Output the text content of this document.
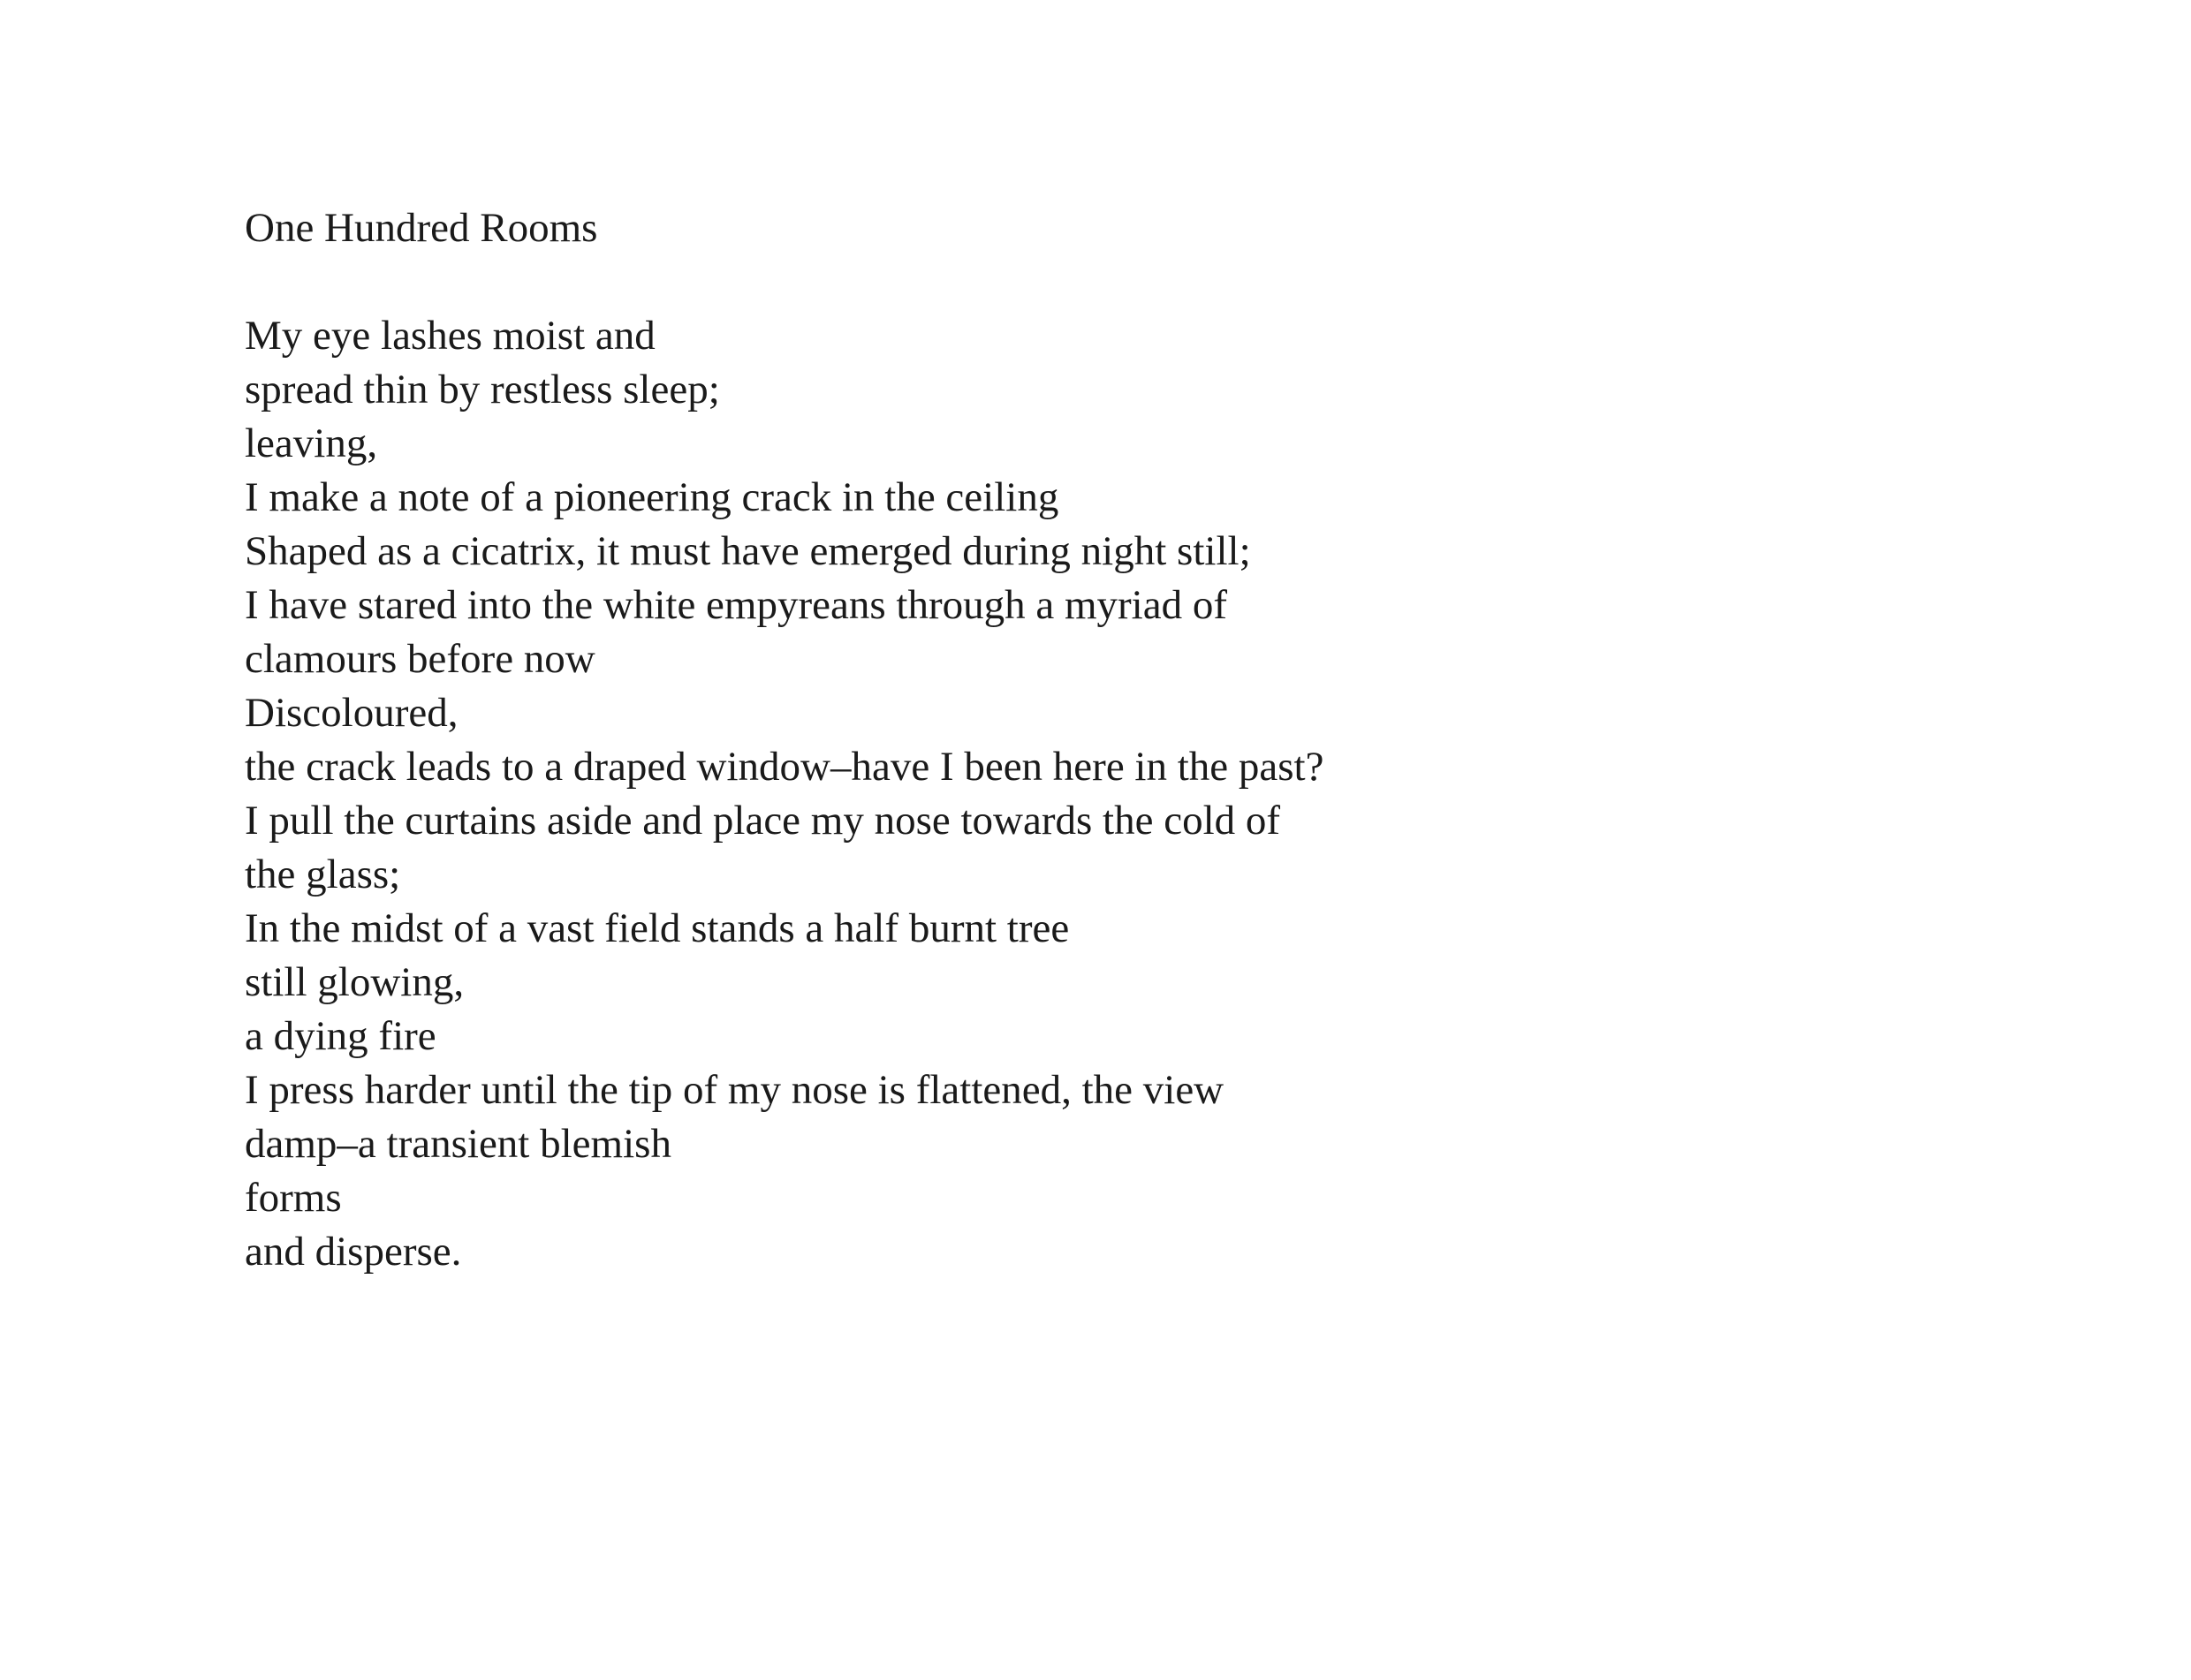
One Hundred Rooms
My eye lashes moist and
spread thin by restless sleep;
leaving,
I make a note of a pioneering crack in the ceiling
Shaped as a cicatrix, it must have emerged during night still;
I have stared into the white empyreans through a myriad of
clamours before now
Discoloured,
the crack leads to a draped window–have I been here in the past?
I pull the curtains aside and place my nose towards the cold of
the glass;
In the midst of a vast field stands a half burnt tree
still glowing,
a dying fire
I press harder until the tip of my nose is flattened, the view
damp–a transient blemish
forms
and disperse.
